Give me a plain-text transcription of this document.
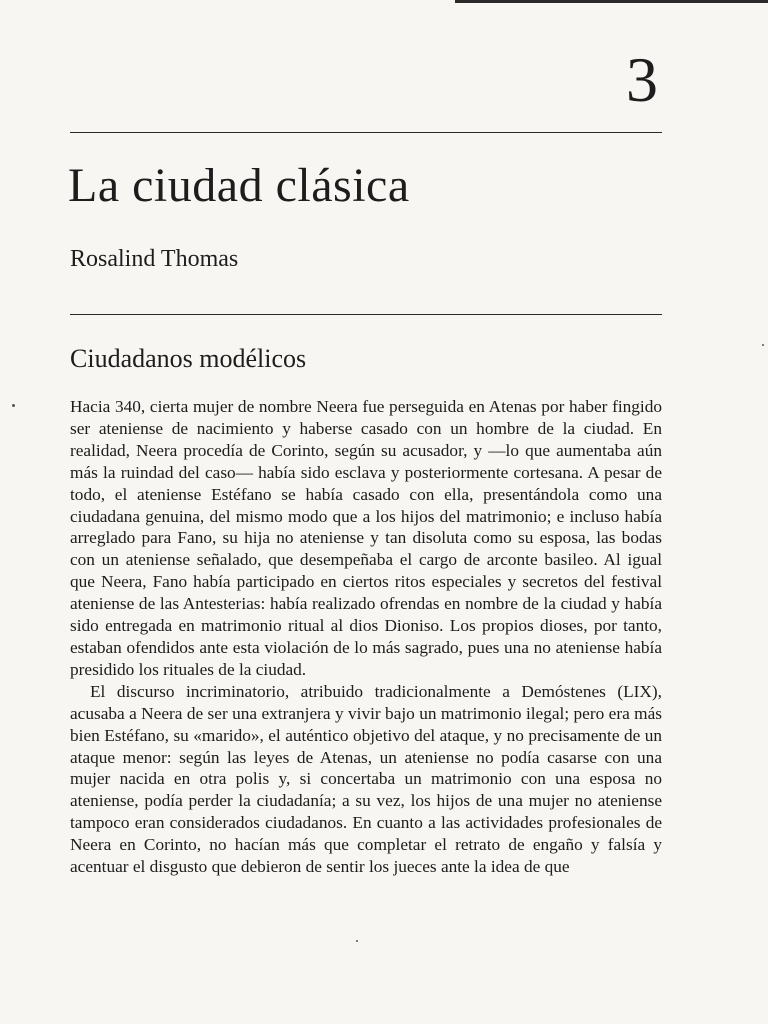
3
La ciudad clásica
Rosalind Thomas
Ciudadanos modélicos

Hacia 340, cierta mujer de nombre Neera fue perseguida en Atenas por haber fingido ser ateniense de nacimiento y haberse casado con un hombre de la ciudad. En realidad, Neera procedía de Corinto, según su acusador, y —lo que aumentaba aún más la ruindad del caso— había sido esclava y posteriormente cortesana. A pesar de todo, el ateniense Estéfano se había casado con ella, presentándola como una ciudadana genuina, del mismo modo que a los hijos del matrimonio; e incluso había arreglado para Fano, su hija no ateniense y tan disoluta como su esposa, las bodas con un ateniense señalado, que desempeñaba el cargo de arconte basileo. Al igual que Neera, Fano había participado en ciertos ritos especiales y secretos del festival ateniense de las Antesterias: había realizado ofrendas en nombre de la ciudad y había sido entregada en matrimonio ritual al dios Dioniso. Los propios dioses, por tanto, estaban ofendidos ante esta violación de lo más sagrado, pues una no ateniense había presidido los rituales de la ciudad.

El discurso incriminatorio, atribuido tradicionalmente a Demóstenes (LIX), acusaba a Neera de ser una extranjera y vivir bajo un matrimonio ilegal; pero era más bien Estéfano, su «marido», el auténtico objetivo del ataque, y no precisamente de un ataque menor: según las leyes de Atenas, un ateniense no podía casarse con una mujer nacida en otra polis y, si concertaba un matrimonio con una esposa no ateniense, podía perder la ciudadanía; a su vez, los hijos de una mujer no ateniense tampoco eran considerados ciudadanos. En cuanto a las actividades profesionales de Neera en Corinto, no hacían más que completar el retrato de engaño y falsía y acentuar el disgusto que debieron de sentir los jueces ante la idea de que
